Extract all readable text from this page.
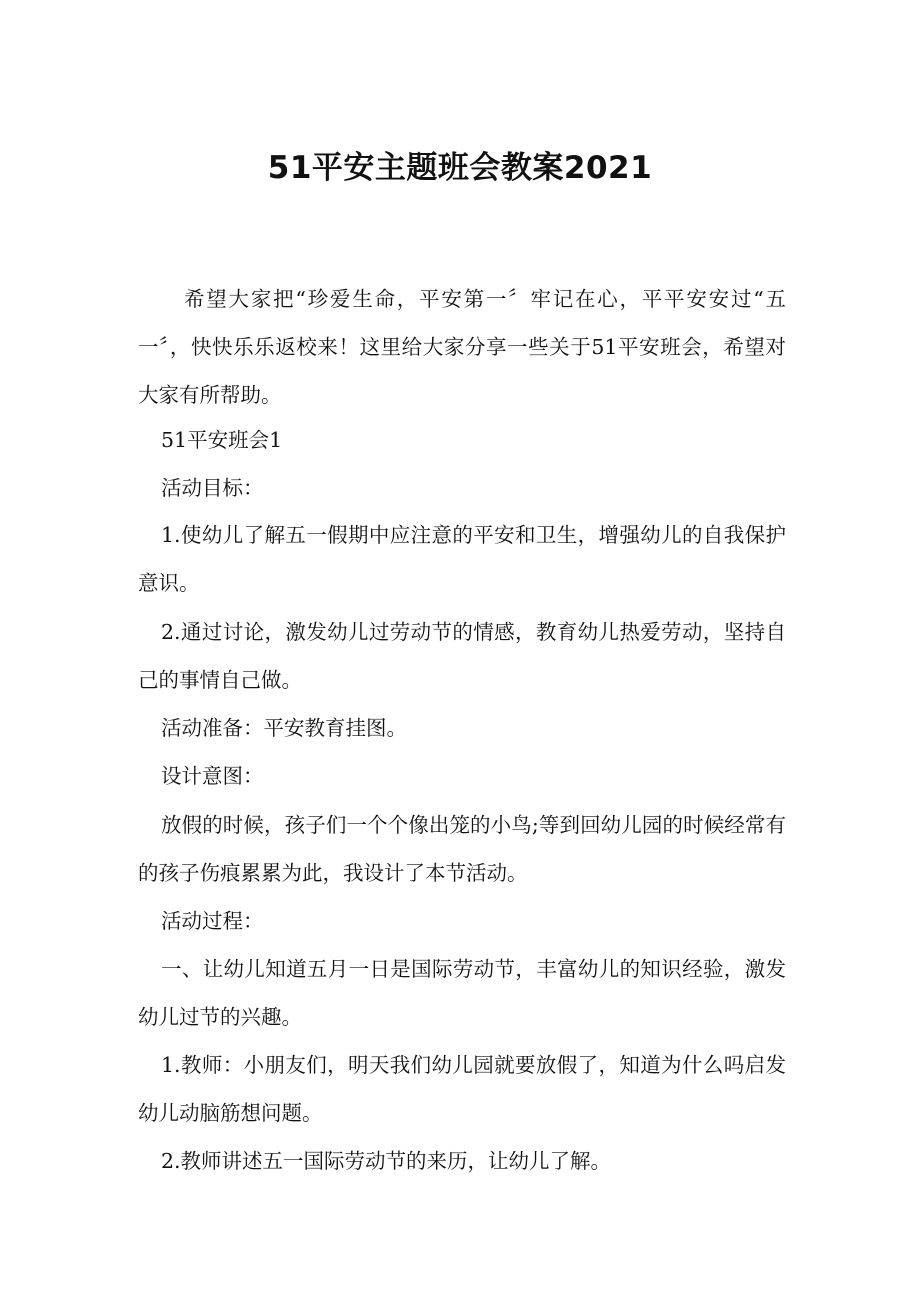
51平安主题班会教案2021

希望大家把“珍爱生命，平安第一〞牢记在心，平平安安过“五一〞，快快乐乐返校来！这里给大家分享一些关于51平安班会，希望对大家有所帮助。

51平安班会1

活动目标：

1.使幼儿了解五一假期中应注意的平安和卫生，增强幼儿的自我保护意识。

2.通过讨论，激发幼儿过劳动节的情感，教育幼儿热爱劳动，坚持自己的事情自己做。

活动准备：平安教育挂图。

设计意图：

放假的时候，孩子们一个个像出笼的小鸟;等到回幼儿园的时候经常有的孩子伤痕累累为此，我设计了本节活动。

活动过程：

一、让幼儿知道五月一日是国际劳动节，丰富幼儿的知识经验，激发幼儿过节的兴趣。

1.教师：小朋友们，明天我们幼儿园就要放假了，知道为什么吗启发幼儿动脑筋想问题。

2.教师讲述五一国际劳动节的来历，让幼儿了解。
